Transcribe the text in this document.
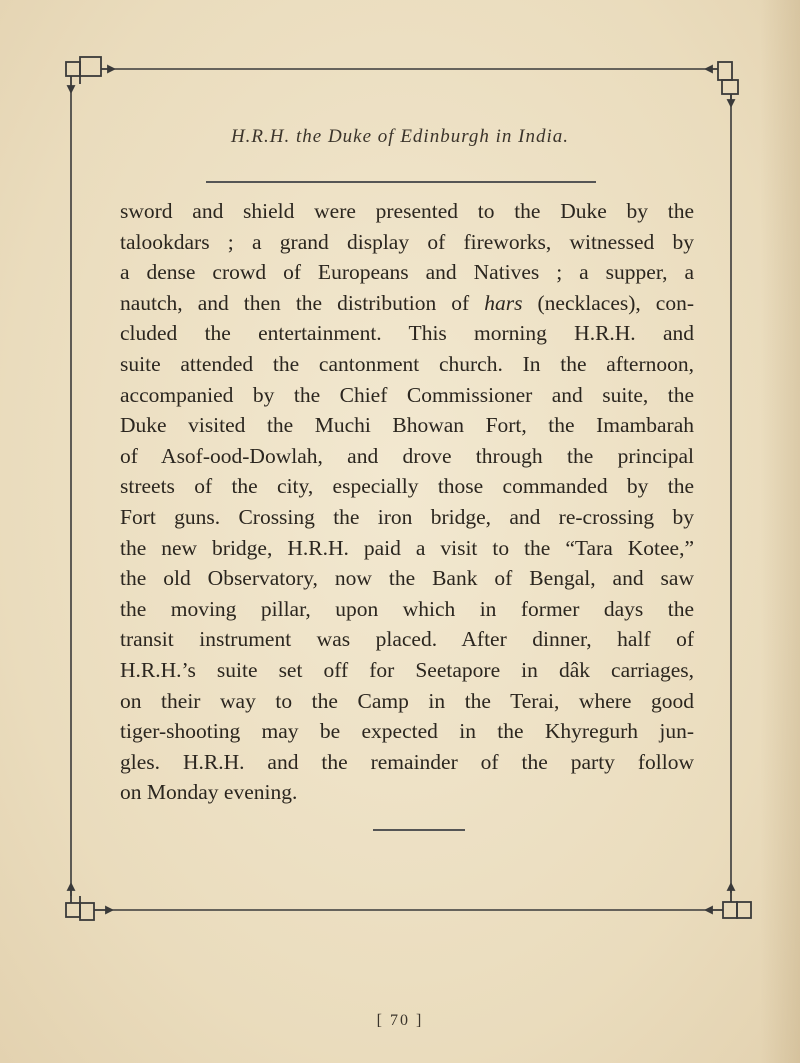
H.R.H. the Duke of Edinburgh in India.
sword and shield were presented to the Duke by the
talookdars ; a grand display of fireworks, witnessed by
a dense crowd of Europeans and Natives ; a supper, a
nautch, and then the distribution of hars (necklaces), con-
cluded the entertainment. This morning H.R.H. and
suite attended the cantonment church. In the afternoon,
accompanied by the Chief Commissioner and suite, the
Duke visited the Muchi Bhowan Fort, the Imambarah
of Asof-ood-Dowlah, and drove through the principal
streets of the city, especially those commanded by the
Fort guns. Crossing the iron bridge, and re-crossing by
the new bridge, H.R.H. paid a visit to the “Tara Kotee,”
the old Observatory, now the Bank of Bengal, and saw
the moving pillar, upon which in former days the
transit instrument was placed. After dinner, half of
H.R.H.’s suite set off for Seetapore in dâk carriages,
on their way to the Camp in the Terai, where good
tiger-shooting may be expected in the Khyregurh jun-
gles. H.R.H. and the remainder of the party follow
on Monday evening.
[ 70 ]
